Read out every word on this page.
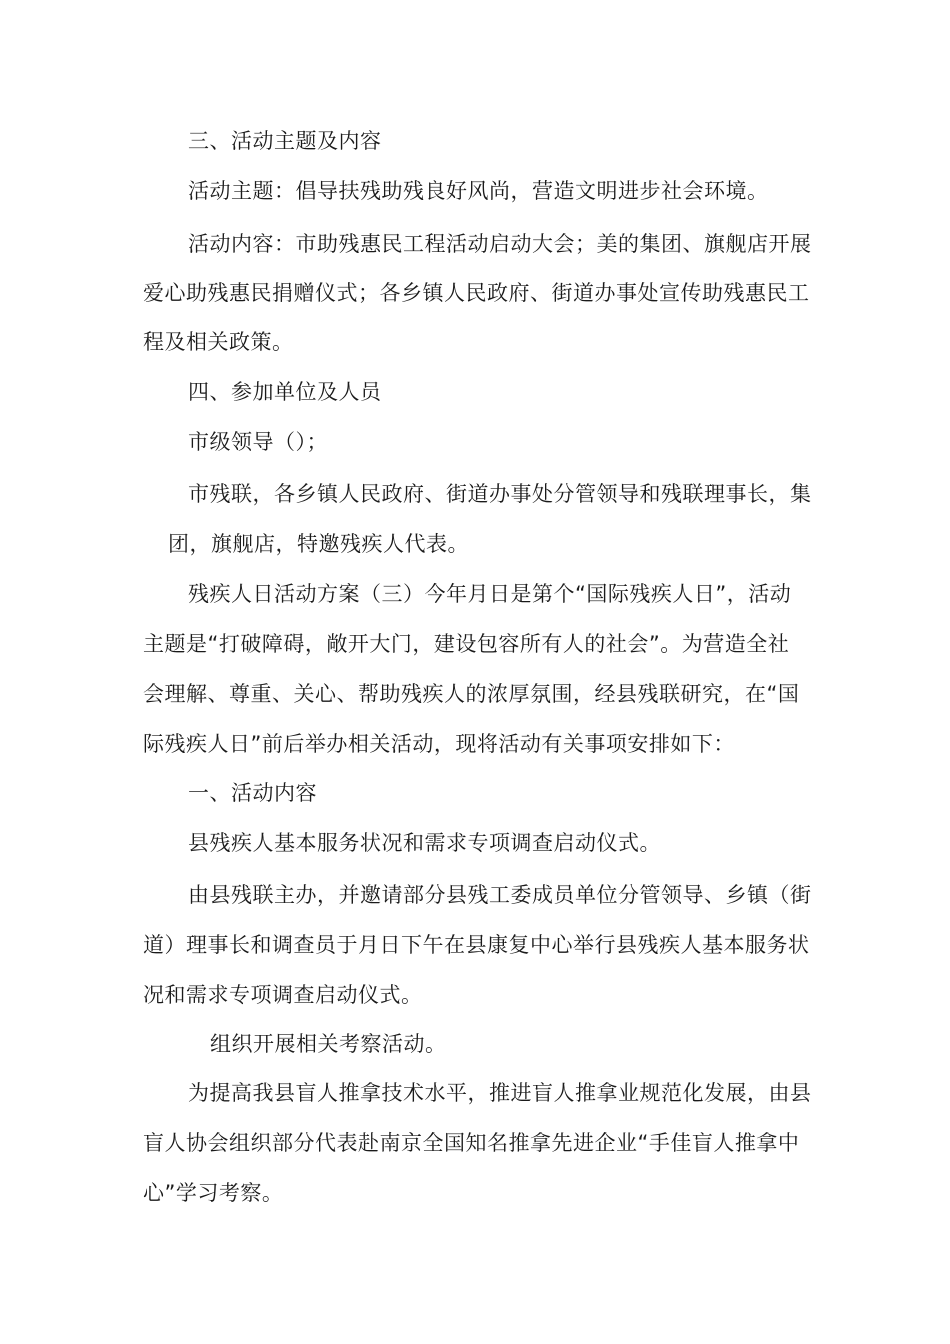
三、活动主题及内容
活动主题：倡导扶残助残良好风尚，营造文明进步社会环境。
活动内容：市助残惠民工程活动启动大会；美的集团、旗舰店开展
爱心助残惠民捐赠仪式；各乡镇人民政府、街道办事处宣传助残惠民工
程及相关政策。
四、参加单位及人员
市级领导（）；
市残联，各乡镇人民政府、街道办事处分管领导和残联理事长，集
团，旗舰店，特邀残疾人代表。
残疾人日活动方案（三）今年月日是第个“国际残疾人日”，活动
主题是“打破障碍，敞开大门，建设包容所有人的社会”。为营造全社
会理解、尊重、关心、帮助残疾人的浓厚氛围，经县残联研究，在“国
际残疾人日”前后举办相关活动，现将活动有关事项安排如下：
一、活动内容
县残疾人基本服务状况和需求专项调查启动仪式。
由县残联主办，并邀请部分县残工委成员单位分管领导、乡镇（街
道）理事长和调查员于月日下午在县康复中心举行县残疾人基本服务状
况和需求专项调查启动仪式。
组织开展相关考察活动。
为提高我县盲人推拿技术水平，推进盲人推拿业规范化发展，由县
盲人协会组织部分代表赴南京全国知名推拿先进企业“手佳盲人推拿中
心”学习考察。
